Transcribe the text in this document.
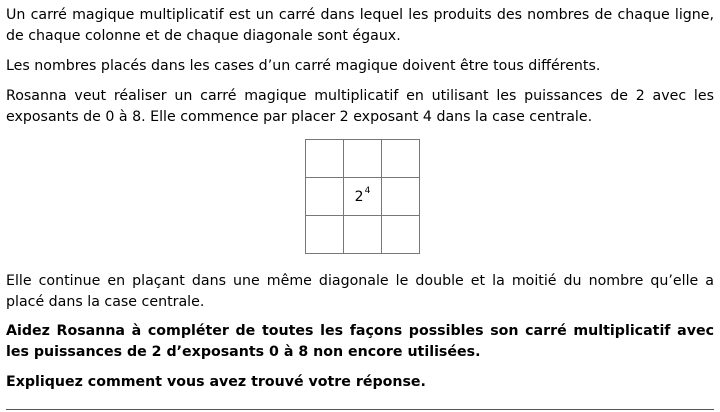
Un carré magique multiplicatif est un carré dans lequel les produits des nombres de chaque ligne, de chaque colonne et de chaque diagonale sont égaux.

Les nombres placés dans les cases d’un carré magique doivent être tous différents.

Rosanna veut réaliser un carré magique multiplicatif en utilisant les puissances de 2 avec les exposants de 0 à 8. Elle commence par placer 2 exposant 4 dans la case centrale.

Elle continue en plaçant dans une même diagonale le double et la moitié du nombre qu’elle a placé dans la case centrale.

Aidez Rosanna à compléter de toutes les façons possibles son carré multiplicatif avec les puissances de 2 d’exposants 0 à 8 non encore utilisées.

Expliquez comment vous avez trouvé votre réponse.

$2^4$
